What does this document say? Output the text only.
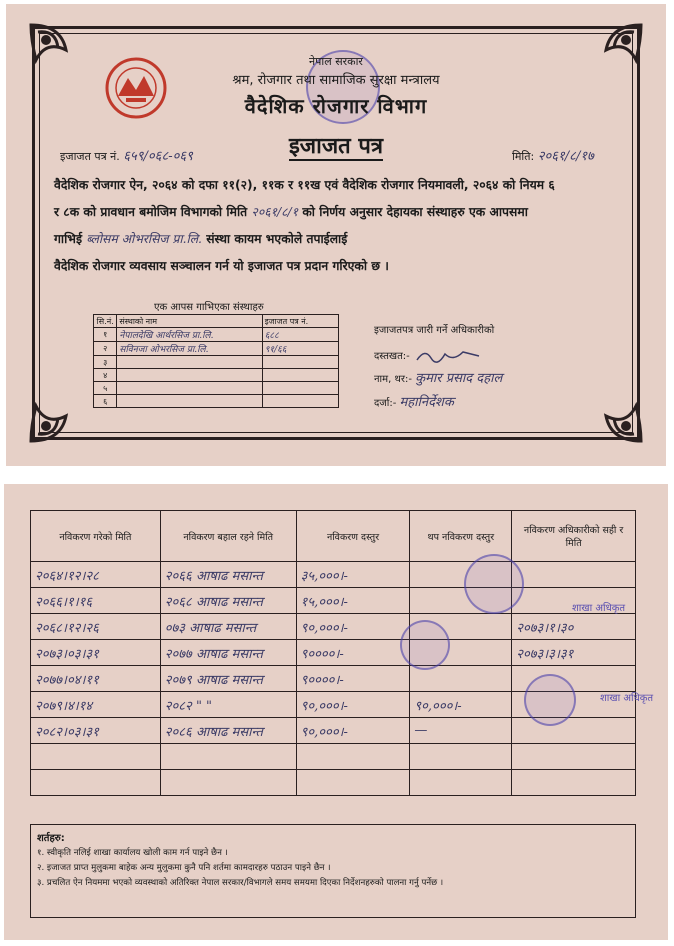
नेपाल सरकार
श्रम, रोजगार तथा सामाजिक सुरक्षा मन्त्रालय
वैदेशिक रोजगार विभाग
इजाजत पत्र
इजाजत पत्र नं. ६५९/०६८-०६९	मिति: २०६१/८/१७
वैदेशिक रोजगार ऐन, २०६४ को दफा ११(२), ११क र ११ख एवं वैदेशिक रोजगार नियमावली, २०६४ को नियम ६
र ८क को प्रावधान बमोजिम विभागको मिति २०६१/८/१ को निर्णय अनुसार देहायका संस्थाहरु एक आपसमा
गाभिई ब्लोसम ओभरसिज प्रा.लि. संस्था कायम भएकोले तपाईलाई
वैदेशिक रोजगार व्यवसाय सञ्चालन गर्न यो इजाजत पत्र प्रदान गरिएको छ ।
एक आपस गाभिएका संस्थाहरु
सि.नं.	संस्थाको नाम	इजाजत पत्र नं.
१	नेपालदेखि आर्थरसिज प्रा.लि.	६८८
२	सविनजा ओभरसिज प्रा.लि.	९१/६६
३		
४		
५		
६		
इजाजतपत्र जारी गर्ने अधिकारीको
दस्तखत:-
नाम, थर:- कुमार प्रसाद दहाल
दर्जा:- महानिर्देशक
नविकरण गरेको मिति	नविकरण बहाल रहने मिति	नविकरण दस्तुर	थप नविकरण दस्तुर	नविकरण अधिकारीको सही र मिति
२०६४।१२।२८	२०६६ आषाढ मसान्त	३५,०००।-		
२०६६।१।१६	२०६८ आषाढ मसान्त	१५,०००।-		
२०६८।१२।२६	०७३ आषाढ मसान्त	९०,०००।-		२०७३।१।३०
२०७३।०३।३१	२०७७ आषाढ मसान्त	९००००।-		२०७३।३।३१
२०७७।०४।११	२०७९ आषाढ मसान्त	९००००।-		
२०७९।४।१४	२०८२ " "	९०,०००।-	९०,०००।-	
२०८२।०३।३१	२०८६ आषाढ मसान्त	९०,०००।-	—	

शाखा अधिकृत
शाखा अधिकृत
शर्तहरु:
१. स्वीकृति नलिई शाखा कार्यालय खोली काम गर्न पाइने छैन ।
२. इजाजत प्राप्त मुलुकमा बाहेक अन्य मुलुकमा कुनै पनि शर्तमा कामदारहरु पठाउन पाइने छैन ।
३. प्रचलित ऐन नियममा भएको व्यवस्थाको अतिरिक्त नेपाल सरकार/विभागले समय समयमा दिएका निर्देशनहरुको पालना गर्नु पर्नेछ ।
